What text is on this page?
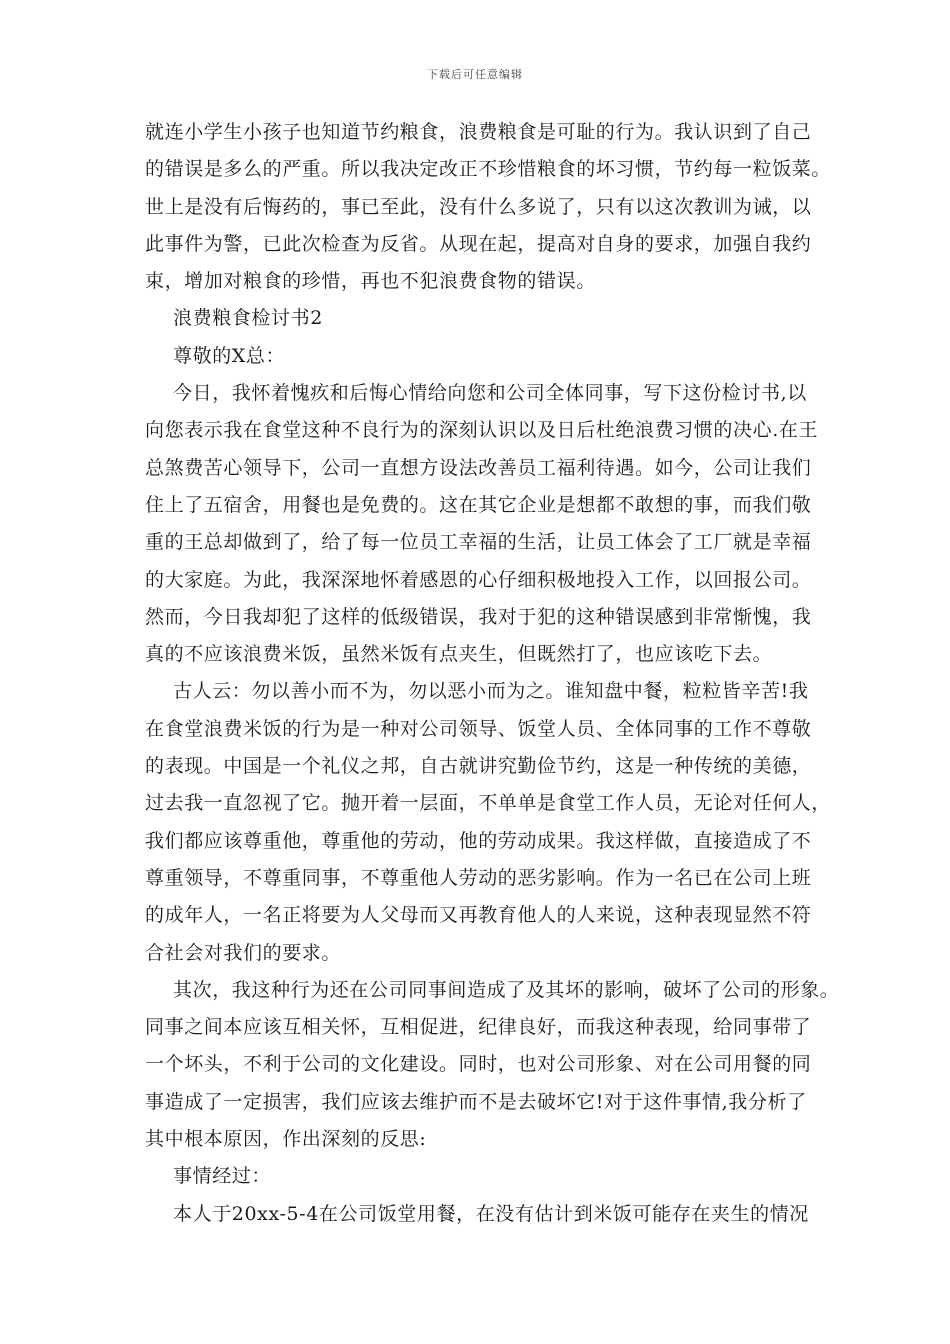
下载后可任意编辑
就连小学生小孩子也知道节约粮食，浪费粮食是可耻的行为。我认识到了自己
的错误是多么的严重。所以我决定改正不珍惜粮食的坏习惯，节约每一粒饭菜。
世上是没有后悔药的，事已至此，没有什么多说了，只有以这次教训为诫，以
此事件为警，已此次检查为反省。从现在起，提高对自身的要求，加强自我约
束，增加对粮食的珍惜，再也不犯浪费食物的错误。
浪费粮食检讨书2
尊敬的X总：
今日，我怀着愧疚和后悔心情给向您和公司全体同事，写下这份检讨书,以
向您表示我在食堂这种不良行为的深刻认识以及日后杜绝浪费习惯的决心.在王
总煞费苦心领导下，公司一直想方设法改善员工福利待遇。如今，公司让我们
住上了五宿舍，用餐也是免费的。这在其它企业是想都不敢想的事，而我们敬
重的王总却做到了，给了每一位员工幸福的生活，让员工体会了工厂就是幸福
的大家庭。为此，我深深地怀着感恩的心仔细积极地投入工作，以回报公司。
然而，今日我却犯了这样的低级错误，我对于犯的这种错误感到非常惭愧，我
真的不应该浪费米饭，虽然米饭有点夹生，但既然打了，也应该吃下去。
古人云：勿以善小而不为，勿以恶小而为之。谁知盘中餐，粒粒皆辛苦!我
在食堂浪费米饭的行为是一种对公司领导、饭堂人员、全体同事的工作不尊敬
的表现。中国是一个礼仪之邦，自古就讲究勤俭节约，这是一种传统的美德，
过去我一直忽视了它。抛开着一层面，不单单是食堂工作人员，无论对任何人，
我们都应该尊重他，尊重他的劳动，他的劳动成果。我这样做，直接造成了不
尊重领导，不尊重同事，不尊重他人劳动的恶劣影响。作为一名已在公司上班
的成年人，一名正将要为人父母而又再教育他人的人来说，这种表现显然不符
合社会对我们的要求。
其次，我这种行为还在公司同事间造成了及其坏的影响，破坏了公司的形象。
同事之间本应该互相关怀，互相促进，纪律良好，而我这种表现，给同事带了
一个坏头，不利于公司的文化建设。同时，也对公司形象、对在公司用餐的同
事造成了一定损害，我们应该去维护而不是去破坏它!对于这件事情,我分析了
其中根本原因，作出深刻的反思:
事情经过：
本人于20xx-5-4在公司饭堂用餐，在没有估计到米饭可能存在夹生的情况
